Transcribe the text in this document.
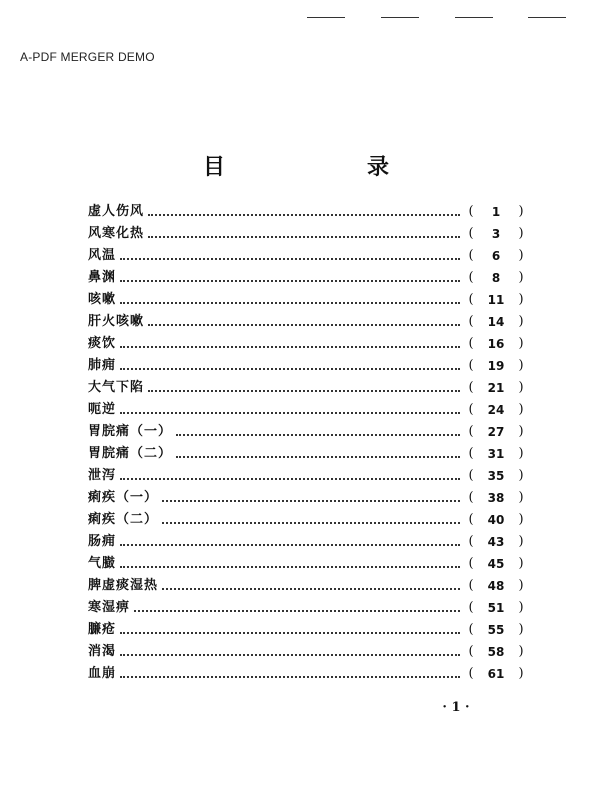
A-PDF MERGER DEMO
目　录
虚人伤风	(	1	)
风寒化热	(	3	)
风温	(	6	)
鼻渊	(	8	)
咳嗽	(	11	)
肝火咳嗽	(	14	)
痰饮	(	16	)
肺痈	(	19	)
大气下陷	(	21	)
呃逆	(	24	)
胃脘痛（一）	(	27	)
胃脘痛（二）	(	31	)
泄泻	(	35	)
痢疾（一）	(	38	)
痢疾（二）	(	40	)
肠痈	(	43	)
气臌	(	45	)
脾虚痰湿热	(	48	)
寒湿痹	(	51	)
臁疮	(	55	)
消渴	(	58	)
血崩	(	61	)
· 1 ·
